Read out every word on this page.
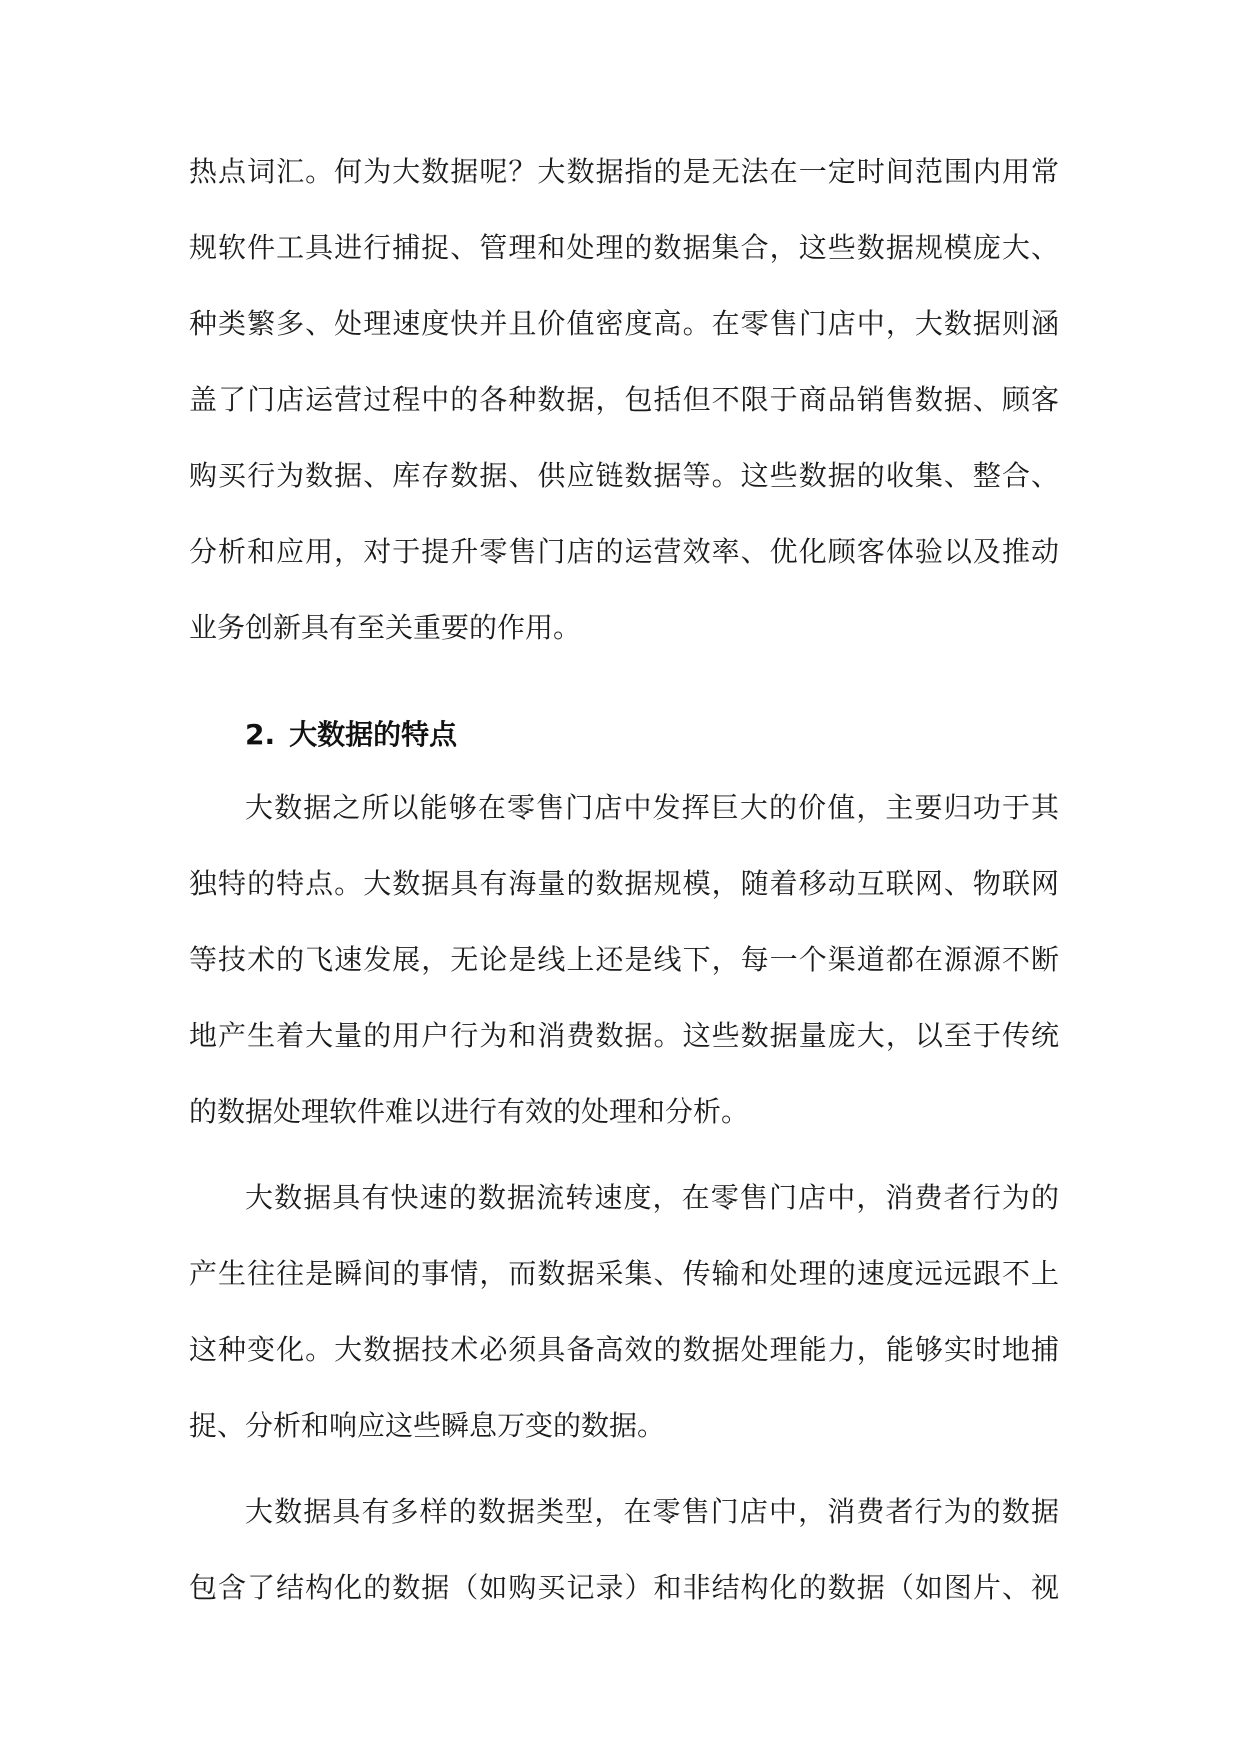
热点词汇。何为大数据呢？大数据指的是无法在一定时间范围内用常
规软件工具进行捕捉、管理和处理的数据集合，这些数据规模庞大、
种类繁多、处理速度快并且价值密度高。在零售门店中，大数据则涵
盖了门店运营过程中的各种数据，包括但不限于商品销售数据、顾客
购买行为数据、库存数据、供应链数据等。这些数据的收集、整合、
分析和应用，对于提升零售门店的运营效率、优化顾客体验以及推动
业务创新具有至关重要的作用。
2. 大数据的特点
大数据之所以能够在零售门店中发挥巨大的价值，主要归功于其
独特的特点。大数据具有海量的数据规模，随着移动互联网、物联网
等技术的飞速发展，无论是线上还是线下，每一个渠道都在源源不断
地产生着大量的用户行为和消费数据。这些数据量庞大，以至于传统
的数据处理软件难以进行有效的处理和分析。
大数据具有快速的数据流转速度，在零售门店中，消费者行为的
产生往往是瞬间的事情，而数据采集、传输和处理的速度远远跟不上
这种变化。大数据技术必须具备高效的数据处理能力，能够实时地捕
捉、分析和响应这些瞬息万变的数据。
大数据具有多样的数据类型，在零售门店中，消费者行为的数据
包含了结构化的数据（如购买记录）和非结构化的数据（如图片、视
